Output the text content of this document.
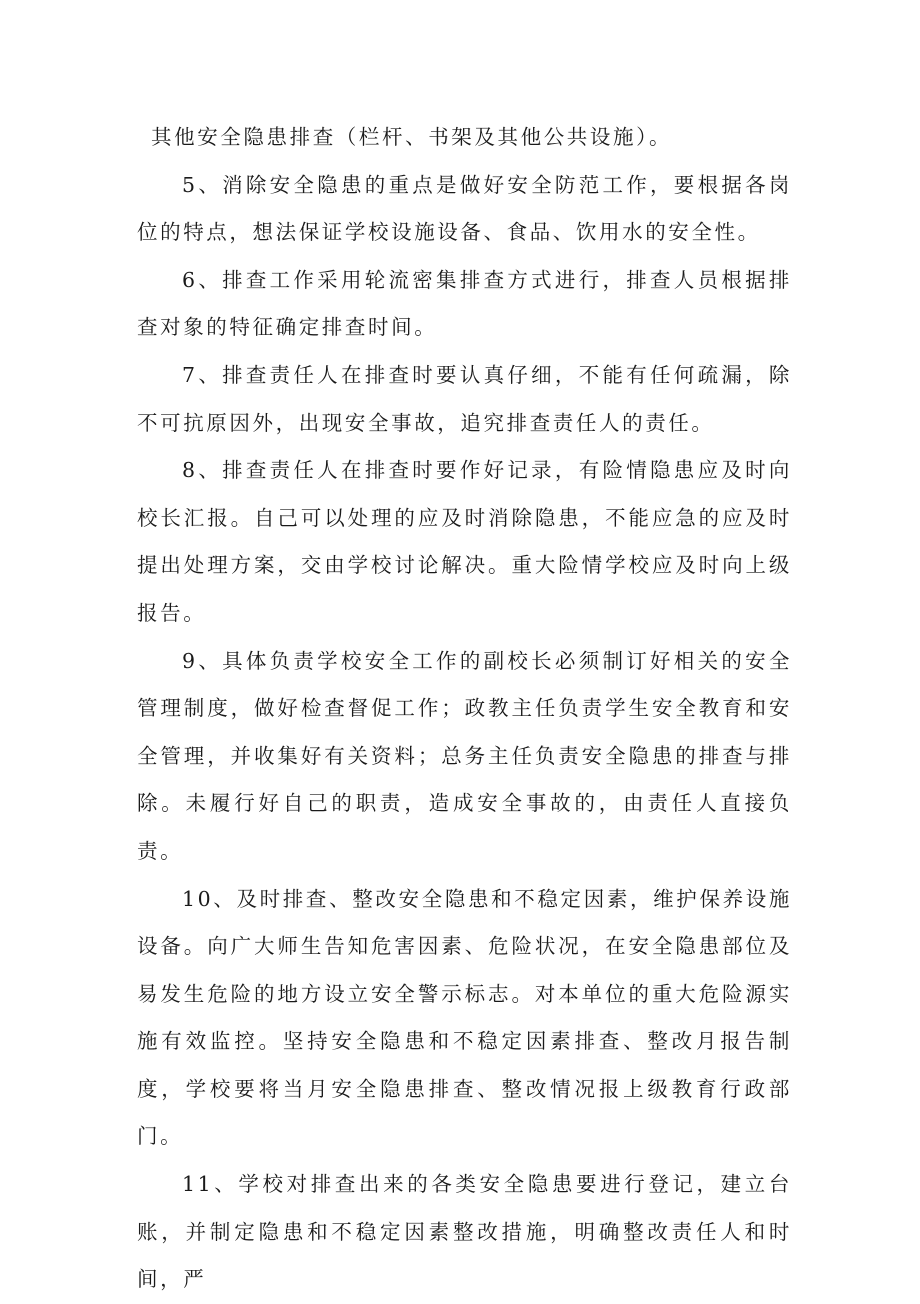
其他安全隐患排查（栏杆、书架及其他公共设施）。

5、消除安全隐患的重点是做好安全防范工作，要根据各岗位的特点，想法保证学校设施设备、食品、饮用水的安全性。

6、排查工作采用轮流密集排查方式进行，排查人员根据排查对象的特征确定排查时间。

7、排查责任人在排查时要认真仔细，不能有任何疏漏，除不可抗原因外，出现安全事故，追究排查责任人的责任。

8、排查责任人在排查时要作好记录，有险情隐患应及时向校长汇报。自己可以处理的应及时消除隐患，不能应急的应及时提出处理方案，交由学校讨论解决。重大险情学校应及时向上级报告。

9、具体负责学校安全工作的副校长必须制订好相关的安全管理制度，做好检查督促工作；政教主任负责学生安全教育和安全管理，并收集好有关资料；总务主任负责安全隐患的排查与排除。未履行好自己的职责，造成安全事故的，由责任人直接负责。

10、及时排查、整改安全隐患和不稳定因素，维护保养设施设备。向广大师生告知危害因素、危险状况，在安全隐患部位及易发生危险的地方设立安全警示标志。对本单位的重大危险源实施有效监控。坚持安全隐患和不稳定因素排查、整改月报告制度，学校要将当月安全隐患排查、整改情况报上级教育行政部门。

11、学校对排查出来的各类安全隐患要进行登记，建立台账，并制定隐患和不稳定因素整改措施，明确整改责任人和时间，严
